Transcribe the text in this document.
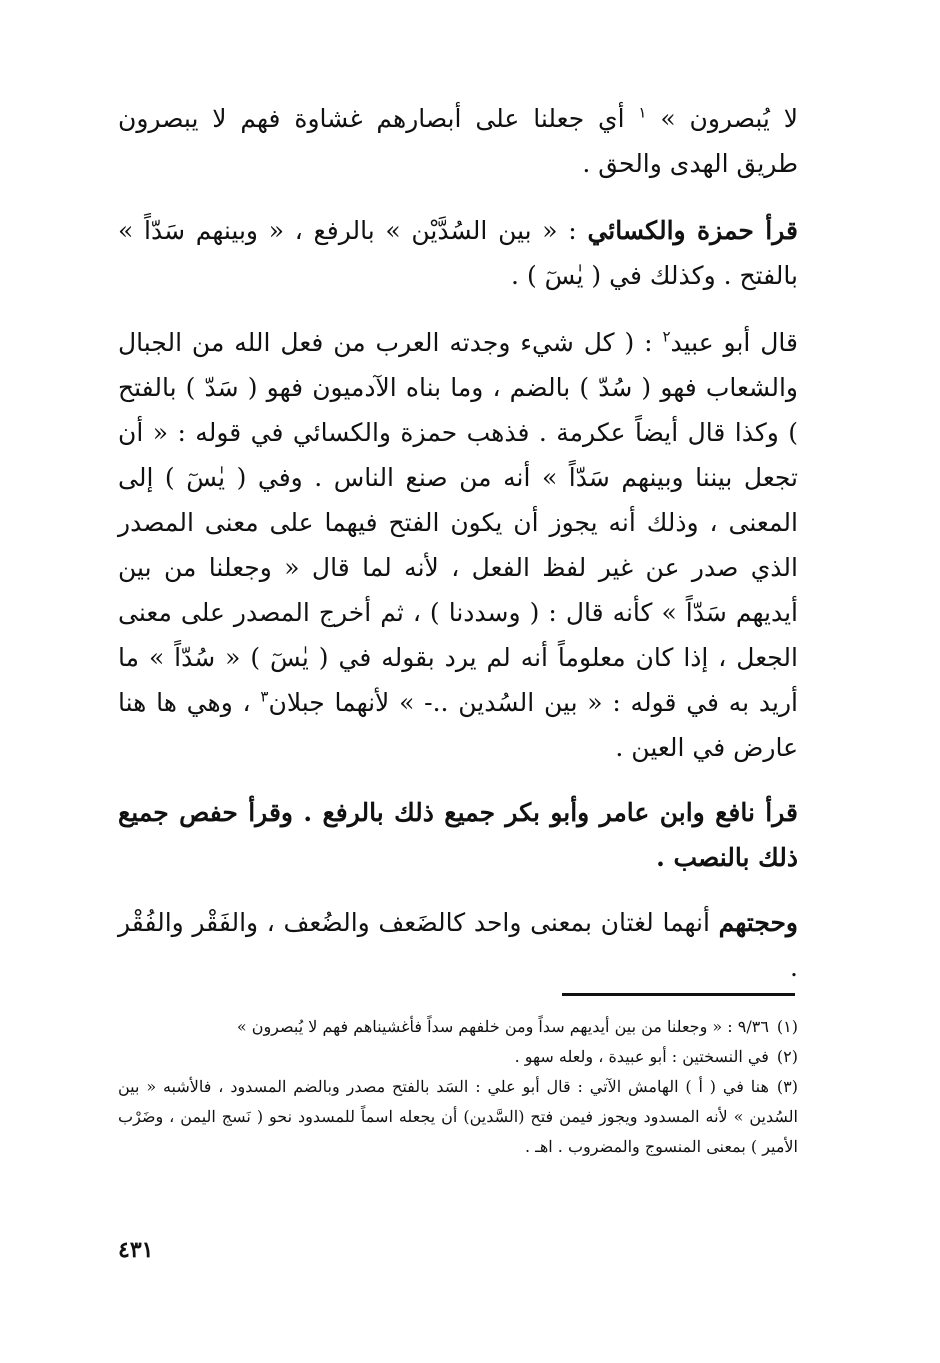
لا يُبصرون » $^١$ أي جعلنا على أبصارهم غشاوة فهم لا يبصرون طريق الهدى والحق .

قرأ حمزة والكسائي : « بين السُدَّيْن » بالرفع ، « وبينهم سَدّاً » بالفتح . وكذلك في ( يٰسٓ ) .

قال أبو عبيد$^٢$ : ( كل شيء وجدته العرب من فعل الله من الجبال والشعاب فهو ( سُدّ ) بالضم ، وما بناه الآدميون فهو ( سَدّ ) بالفتح ) وكذا قال أيضاً عكرمة . فذهب حمزة والكسائي في قوله : « أن تجعل بيننا وبينهم سَدّاً » أنه من صنع الناس . وفي ( يٰسٓ ) إلى المعنى ، وذلك أنه يجوز أن يكون الفتح فيهما على معنى المصدر الذي صدر عن غير لفظ الفعل ، لأنه لما قال « وجعلنا من بين أيديهم سَدّاً » كأنه قال : ( وسددنا ) ، ثم أخرج المصدر على معنى الجعل ، إذا كان معلوماً أنه لم يرد بقوله في ( يٰسٓ ) « سُدّاً » ما أريد به في قوله : « بين السُدين ..- » لأنهما جبلان$^٣$ ، وهي ها هنا عارض في العين .

قرأ نافع وابن عامر وأبو بكر جميع ذلك بالرفع . وقرأ حفص جميع ذلك بالنصب .

وحجتهم أنهما لغتان بمعنى واحد كالضَعف والضُعف ، والفَقْر والفُقْر .

(١)٩/٣٦ : « وجعلنا من بين أيديهم سداً ومن خلفهم سداً فأغشيناهم فهم لا يُبصرون »

(٢)في النسختين : أبو عبيدة ، ولعله سهو .

(٣)هنا في ( أ ) الهامش الآتي : قال أبو علي : السَد بالفتح مصدر وبالضم المسدود ، فالأشبه « بين السُدين » لأنه المسدود ويجوز فيمن فتح (السَّدين) أن يجعله اسماً للمسدود نحو ( نَسج اليمن ، وضَرْب الأمير ) بمعنى المنسوج والمضروب . اهـ .

٤٣١
